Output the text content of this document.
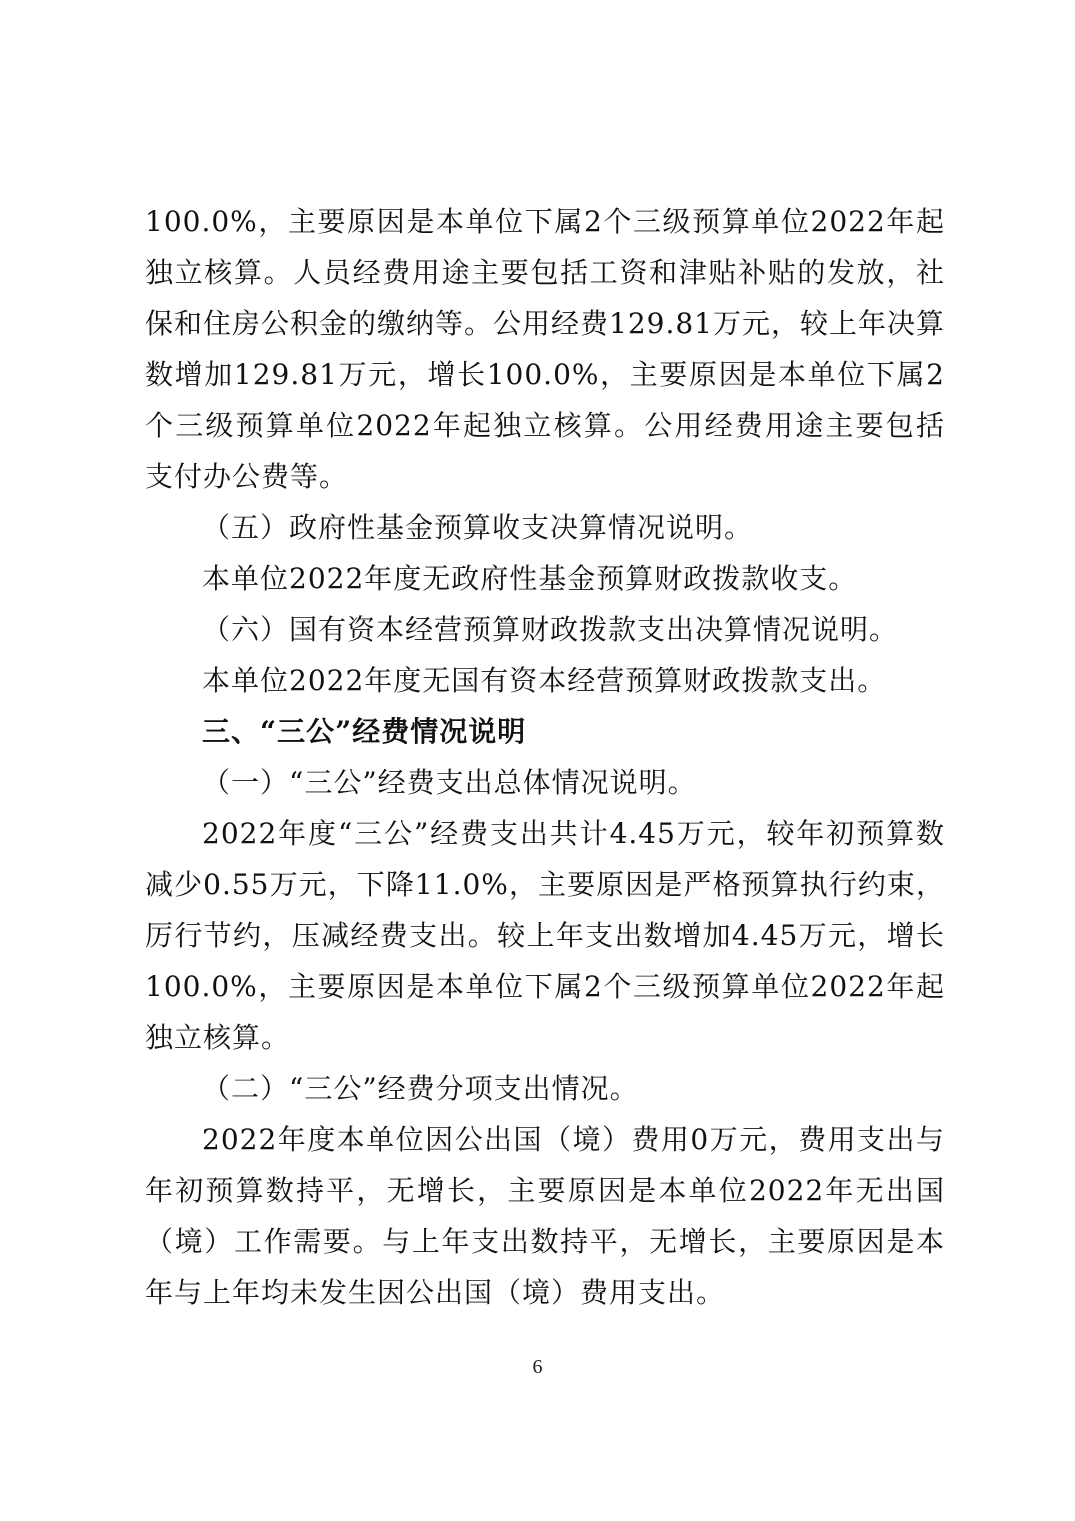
100.0%，主要原因是本单位下属2个三级预算单位2022年起独立核算。人员经费用途主要包括工资和津贴补贴的发放，社保和住房公积金的缴纳等。公用经费129.81万元，较上年决算数增加129.81万元，增长100.0%，主要原因是本单位下属2个三级预算单位2022年起独立核算。公用经费用途主要包括支付办公费等。

（五）政府性基金预算收支决算情况说明。

本单位2022年度无政府性基金预算财政拨款收支。

（六）国有资本经营预算财政拨款支出决算情况说明。

本单位2022年度无国有资本经营预算财政拨款支出。

三、“三公”经费情况说明

（一）“三公”经费支出总体情况说明。

2022年度“三公”经费支出共计4.45万元，较年初预算数减少0.55万元，下降11.0%，主要原因是严格预算执行约束，厉行节约，压减经费支出。较上年支出数增加4.45万元，增长100.0%，主要原因是本单位下属2个三级预算单位2022年起独立核算。

（二）“三公”经费分项支出情况。

2022年度本单位因公出国（境）费用0万元，费用支出与年初预算数持平，无增长，主要原因是本单位2022年无出国（境）工作需要。与上年支出数持平，无增长，主要原因是本年与上年均未发生因公出国（境）费用支出。

6
